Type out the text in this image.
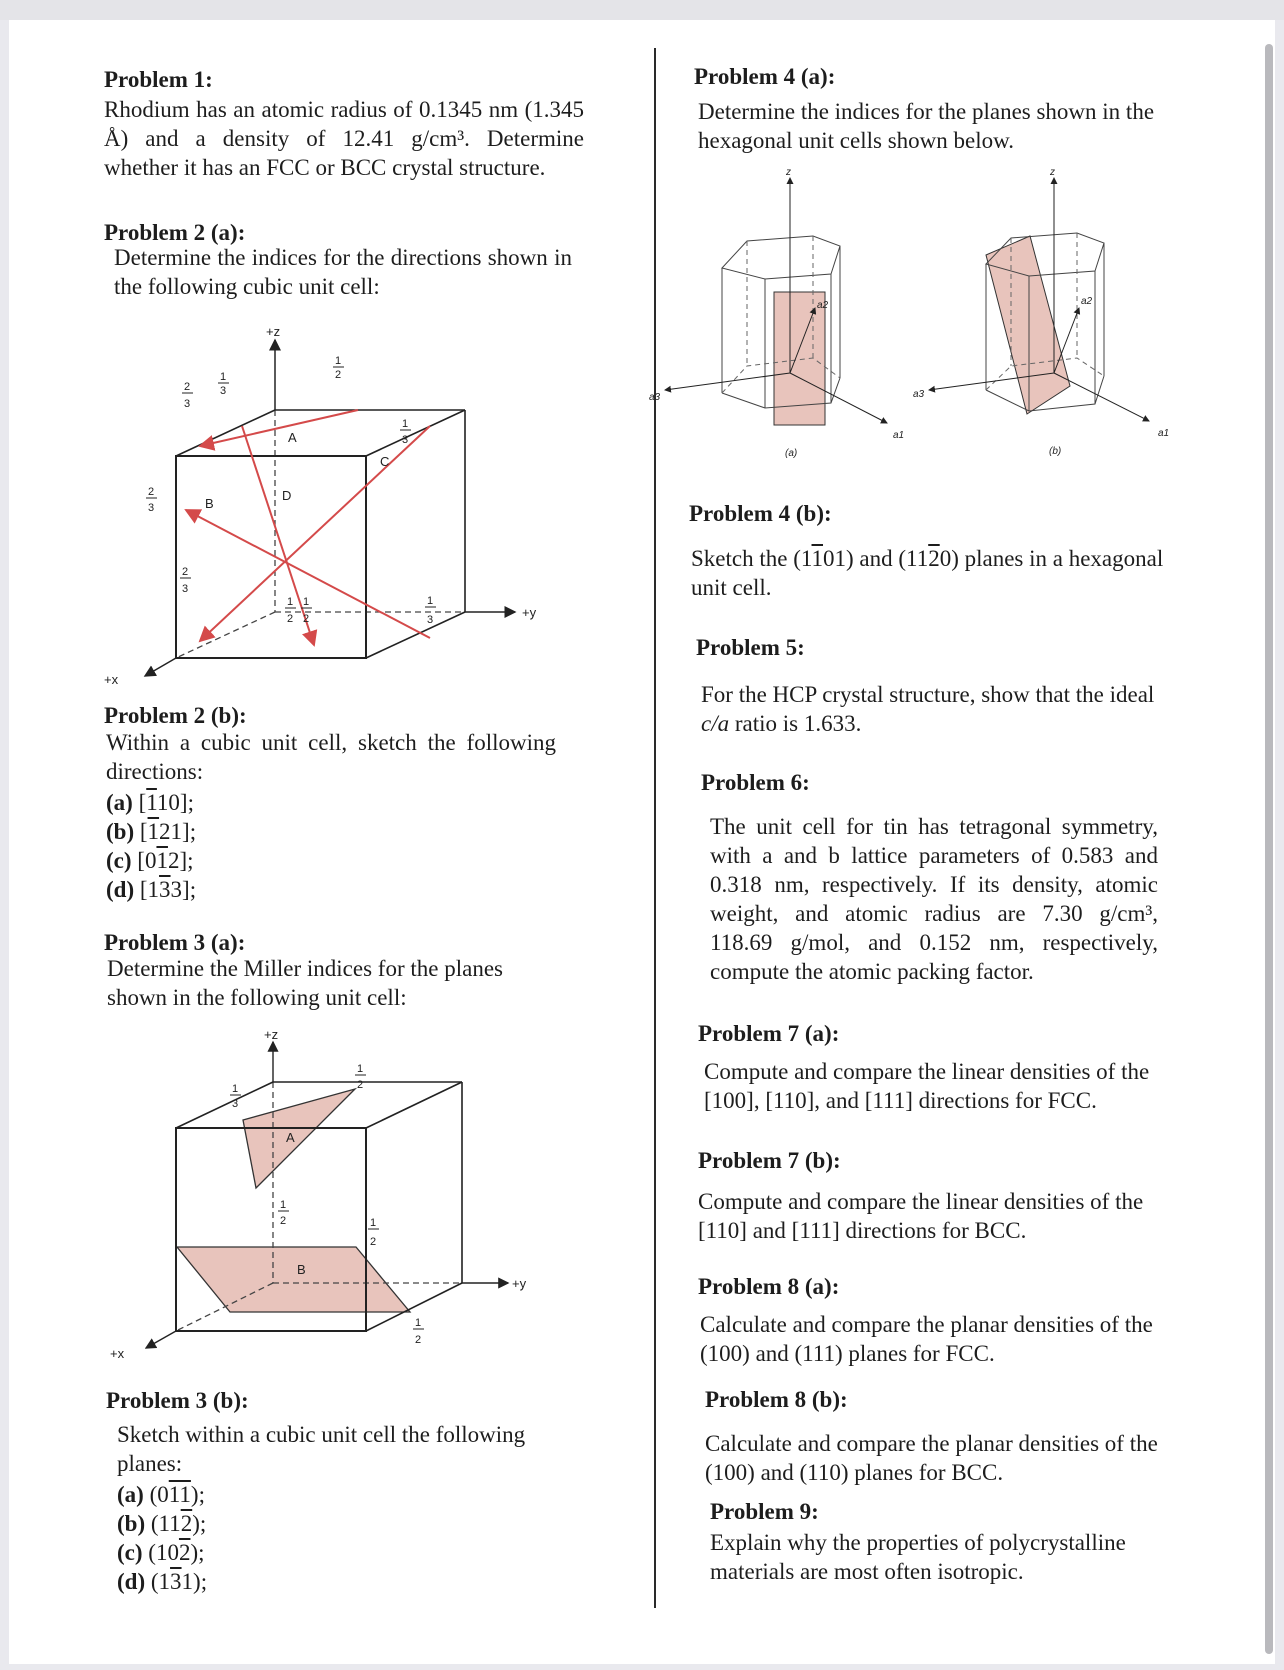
Problem 1:
Rhodium has an atomic radius of 0.1345 nm (1.345 Å) and a density of 12.41 g/cm³. Determine whether it has an FCC or BCC crystal structure.
Problem 2 (a):
Determine the indices for the directions shown in the following cubic unit cell:
+z
+y
+x
A
B
C
D
1
2
1
3
2
3
1
3
2
3
2
3
1
2
1
2
1
3
Problem 2 (b):
Within a cubic unit cell, sketch the following directions:
(a) [110];
(b) [121];
(c) [012];
(d) [133];
Problem 3 (a):
Determine the Miller indices for the planes shown in the following unit cell:
+z
+y
+x
A
B
1
3
1
2
1
2	1
2
1
2
Problem 3 (b):
Sketch within a cubic unit cell the following planes:
(a) (011);
(b) (112);
(c) (102);
(d) (131);
Problem 4 (a):
Determine the indices for the planes shown in the hexagonal unit cells shown below.
z	z
a3	a3
a1	a1
a2	a2
(a)	(b)
Problem 4 (b):
Sketch the (1101) and (1120) planes in a hexagonal unit cell.
Problem 5:
For the HCP crystal structure, show that the ideal c/a ratio is 1.633.
Problem 6:
The unit cell for tin has tetragonal symmetry, with a and b lattice parameters of 0.583 and 0.318 nm, respectively. If its density, atomic weight, and atomic radius are 7.30 g/cm³, 118.69 g/mol, and 0.152 nm, respectively, compute the atomic packing factor.
Problem 7 (a):
Compute and compare the linear densities of the [100], [110], and [111] directions for FCC.
Problem 7 (b):
Compute and compare the linear densities of the [110] and [111] directions for BCC.
Problem 8 (a):
Calculate and compare the planar densities of the (100) and (111) planes for FCC.
Problem 8 (b):
Calculate and compare the planar densities of the (100) and (110) planes for BCC.
Problem 9:
Explain why the properties of polycrystalline materials are most often isotropic.
